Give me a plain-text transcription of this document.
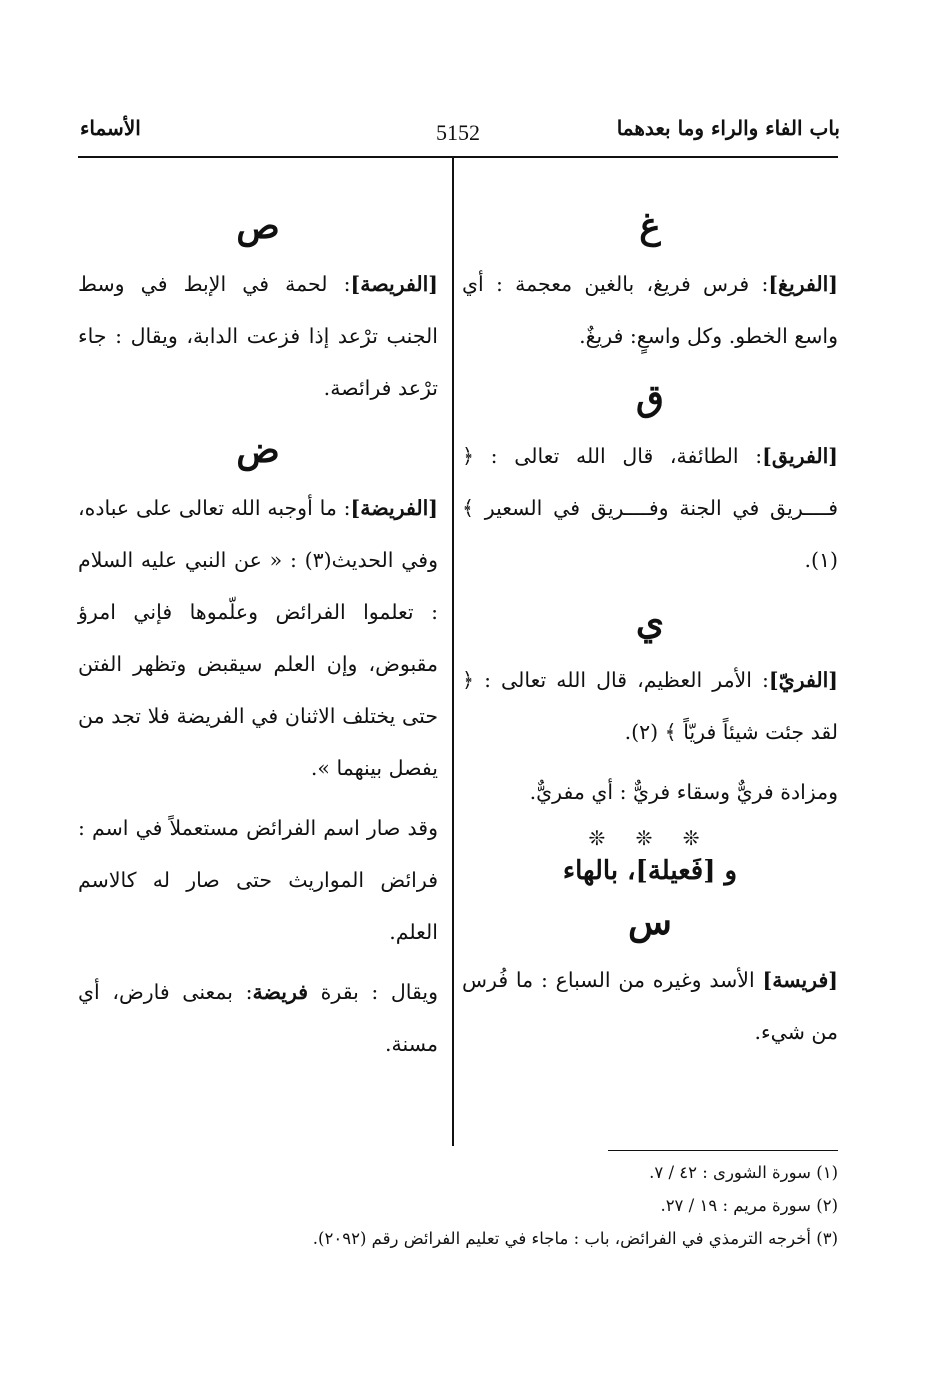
باب الفاء والراء وما بعدهما
5152
الأسماء
غ

[الفريغ]: فرس فريغ، بالغين معجمة : أي واسع الخطو. وكل واسعٍ: فريغٌ.

ق

[الفريق]: الطائفة، قال الله تعالى : ﴿ فــــريق في الجنة وفــــريق في السعير ﴾ (١).

ي

[الفريّ]: الأمر العظيم، قال الله تعالى : ﴿ لقد جئت شيئاً فريّاً ﴾ (٢).

ومزادة فريٌّ وسقاء فريٌّ : أي مفريٌّ.

❊ ❊ ❊
و [فَعيلة]، بالهاء
س

[فريسة] الأسد وغيره من السباع : ما فُرس من شيء.

ص

[الفريصة]: لحمة في الإبط في وسط الجنب ترْعد إذا فزعت الدابة، ويقال : جاء ترْعد فرائصة.

ض

[الفريضة]: ما أوجبه الله تعالى على عباده، وفي الحديث(٣) : « عن النبي عليه السلام : تعلموا الفرائض وعلّموها فإني امرؤ مقبوض، وإن العلم سيقبض وتظهر الفتن حتى يختلف الاثنان في الفريضة فلا تجد من يفصل بينهما ».

وقد صار اسم الفرائض مستعملاً في اسم : فرائض المواريث حتى صار له كالاسم العلم.

ويقال : بقرة فريضة: بمعنى فارض، أي مسنة.

(١) سورة الشورى : ٤٢ / ٧.
(٢) سورة مريم : ١٩ / ٢٧.
(٣) أخرجه الترمذي في الفرائض، باب : ماجاء في تعليم الفرائض رقم (٢٠٩٢).
